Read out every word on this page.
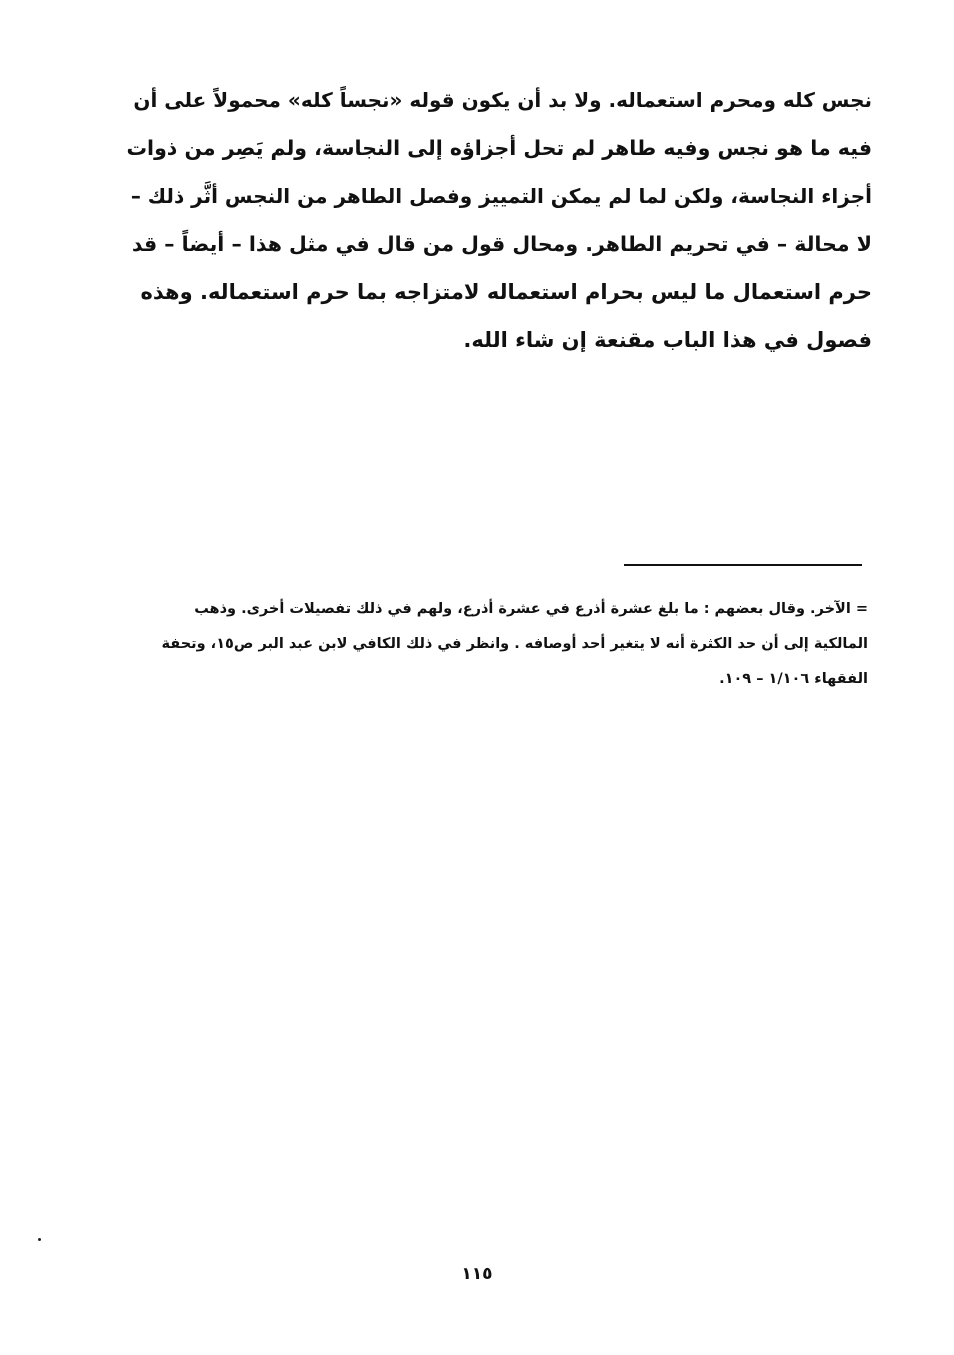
نجس كله ومحرم استعماله. ولا بد أن يكون قوله «نجساً كله» محمولاً على أن
فيه ما هو نجس وفيه طاهر لم تحل أجزاؤه إلى النجاسة، ولم يَصِر من ذوات
أجزاء النجاسة، ولكن لما لم يمكن التمييز وفصل الطاهر من النجس أثَّر ذلك –
لا محالة – في تحريم الطاهر. ومحال قول من قال في مثل هذا – أيضاً – قد
حرم استعمال ما ليس بحرام استعماله لامتزاجه بما حرم استعماله. وهذه
فصول في هذا الباب مقنعة إن شاء الله.
= الآخر. وقال بعضهم : ما بلغ عشرة أذرع في عشرة أذرع، ولهم في ذلك تفصيلات أخرى. وذهب
المالكية إلى أن حد الكثرة أنه لا يتغير أحد أوصافه . وانظر في ذلك الكافي لابن عبد البر ص١٥، وتحفة
الفقهاء ١/١٠٦ – ١٠٩.
١١٥
